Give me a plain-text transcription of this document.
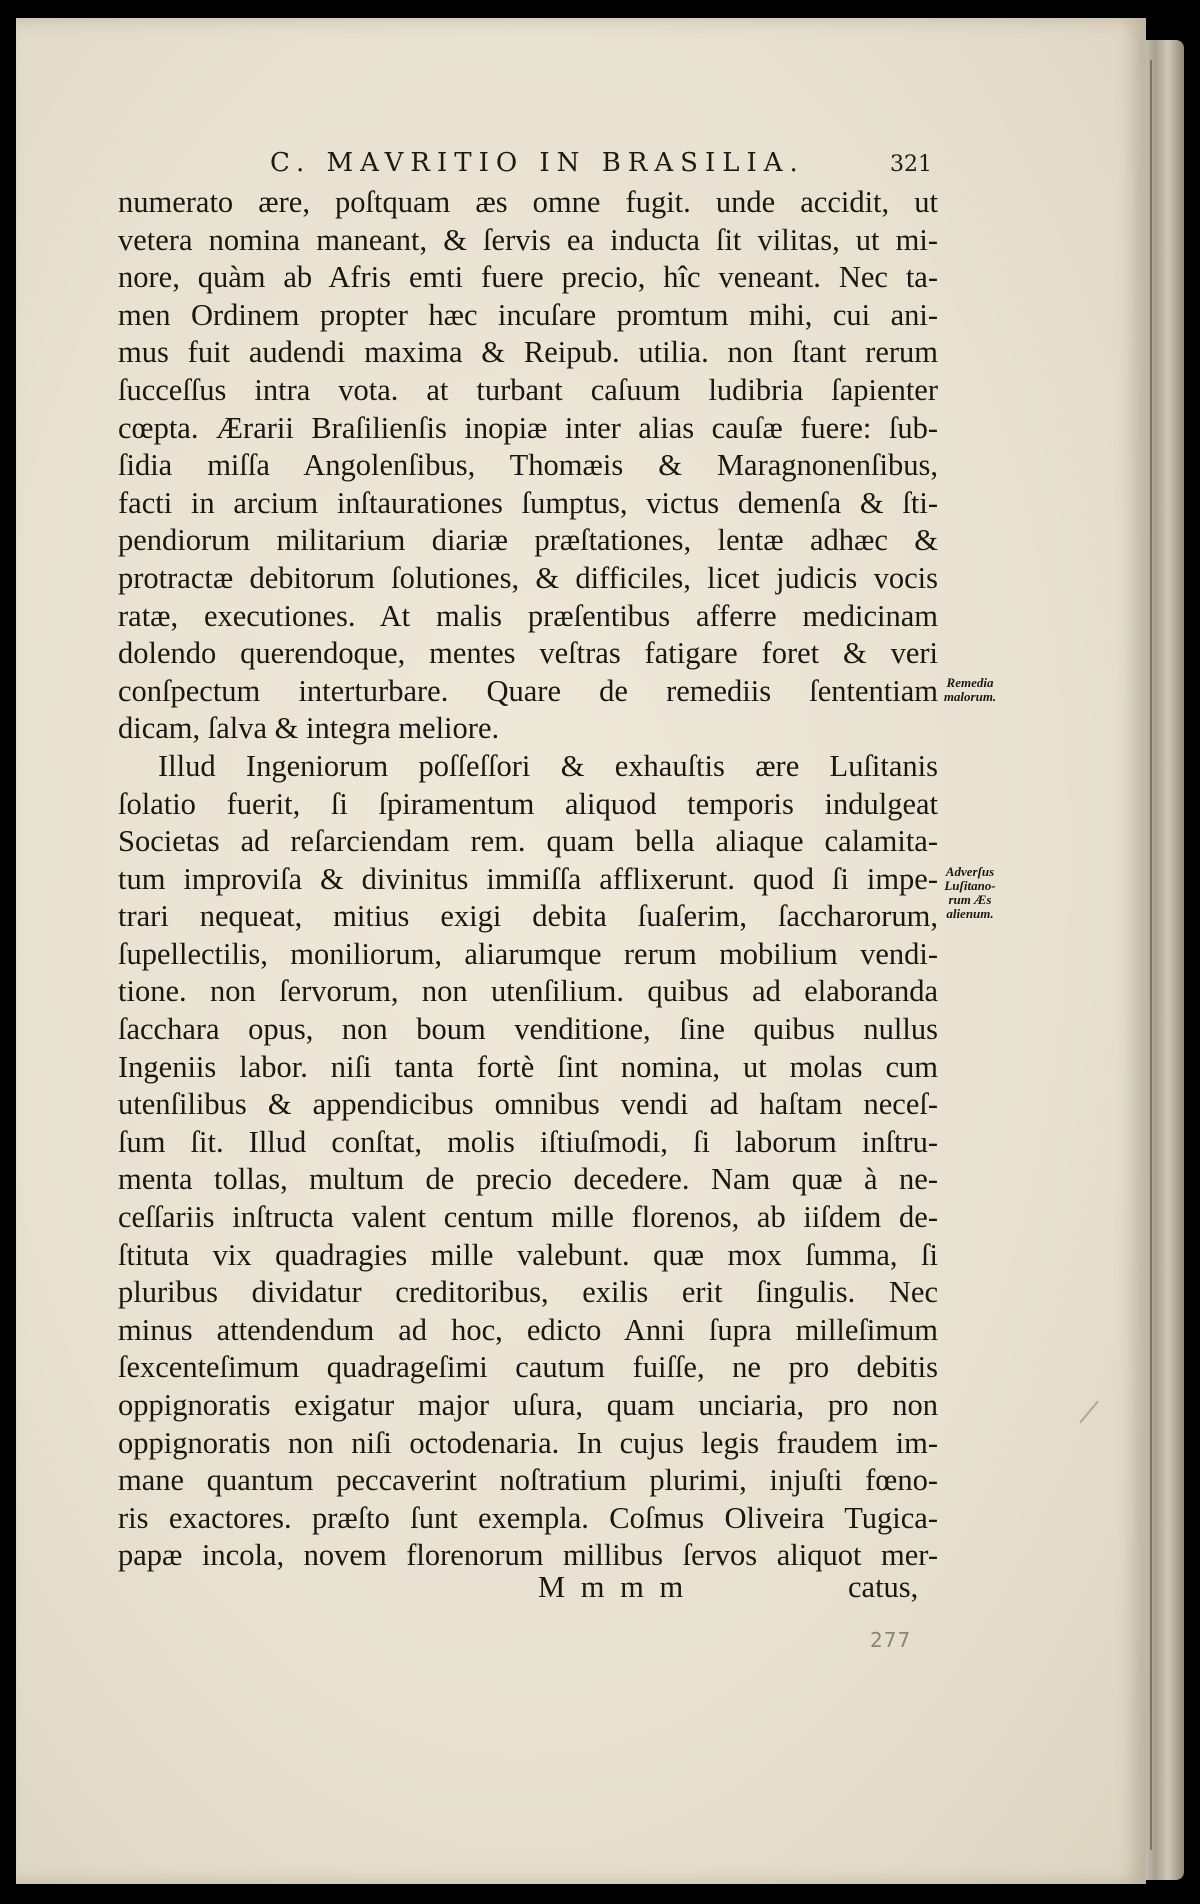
C. MAVRITIO IN BRASILIA.	321
numerato ære, poſtquam æs omne fugit. unde accidit, ut
vetera nomina maneant, & ſervis ea inducta ſit vilitas, ut mi-
nore, quàm ab Afris emti fuere precio, hîc veneant. Nec ta-
men Ordinem propter hæc incuſare promtum mihi, cui ani-
mus fuit audendi maxima & Reipub. utilia. non ſtant rerum
ſucceſſus intra vota. at turbant caſuum ludibria ſapienter
cœpta. Ærarii Braſilienſis inopiæ inter alias cauſæ fuere: ſub-
ſidia miſſa Angolenſibus, Thomæis & Maragnonenſibus,
facti in arcium inſtaurationes ſumptus, victus demenſa & ſti-
pendiorum militarium diariæ præſtationes, lentæ adhæc &
protractæ debitorum ſolutiones, & difficiles, licet judicis vocis
ratæ, executiones. At malis præſentibus afferre medicinam
dolendo querendoque, mentes veſtras fatigare foret & veri
conſpectum interturbare. Quare de remediis ſententiam
dicam, ſalva & integra meliore.
Illud Ingeniorum poſſeſſori & exhauſtis ære Luſitanis
ſolatio fuerit, ſi ſpiramentum aliquod temporis indulgeat
Societas ad reſarciendam rem. quam bella aliaque calamita-
tum improviſa & divinitus immiſſa afflixerunt. quod ſi impe-
trari nequeat, mitius exigi debita ſuaſerim, ſaccharorum,
ſupellectilis, moniliorum, aliarumque rerum mobilium vendi-
tione. non ſervorum, non utenſilium. quibus ad elaboranda
ſacchara opus, non boum venditione, ſine quibus nullus
Ingeniis labor. niſi tanta fortè ſint nomina, ut molas cum
utenſilibus & appendicibus omnibus vendi ad haſtam neceſ-
ſum ſit. Illud conſtat, molis iſtiuſmodi, ſi laborum inſtru-
menta tollas, multum de precio decedere. Nam quæ à ne-
ceſſariis inſtructa valent centum mille florenos, ab iiſdem de-
ſtituta vix quadragies mille valebunt. quæ mox ſumma, ſi
pluribus dividatur creditoribus, exilis erit ſingulis. Nec
minus attendendum ad hoc, edicto Anni ſupra milleſimum
ſexcenteſimum quadrageſimi cautum fuiſſe, ne pro debitis
oppignoratis exigatur major uſura, quam unciaria, pro non
oppignoratis non niſi octodenaria. In cujus legis fraudem im-
mane quantum peccaverint noſtratium plurimi, injuſti fœno-
ris exactores. præſto ſunt exempla. Coſmus Oliveira Tugica-
papæ incola, novem florenorum millibus ſervos aliquot mer-
M m m m	catus,
Remedia
malorum.
Adverſus
Luſitano-
rum Æs
alienum.
277
